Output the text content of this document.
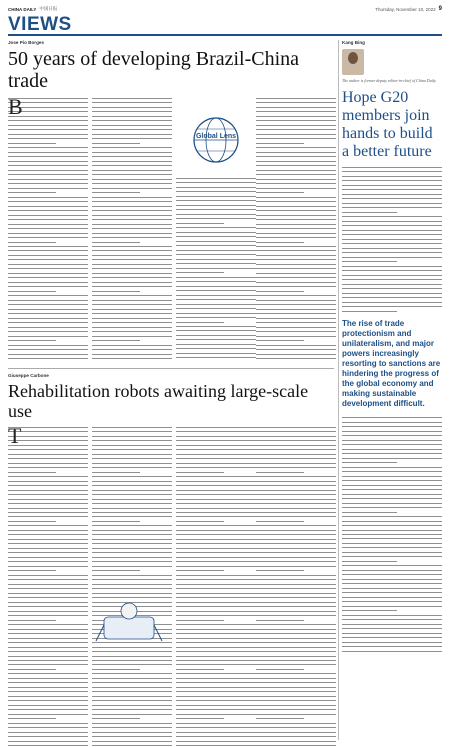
CHINA DAILY 中国日报	Thursday, November 10, 2022 9
VIEWS
Jose Pio Borges
50 years of developing Brazil-China trade
B
Global Lens
Giuseppe Carbone
Rehabilitation robots awaiting large-scale use
T
Kang Bing
The author is former deputy editor-in-chief of China Daily.
Hope G20 members join hands to build a better future
The rise of trade protectionism and unilateralism, and major powers increasingly resorting to sanctions are hindering the progress of the global economy and making sustainable development difficult.
